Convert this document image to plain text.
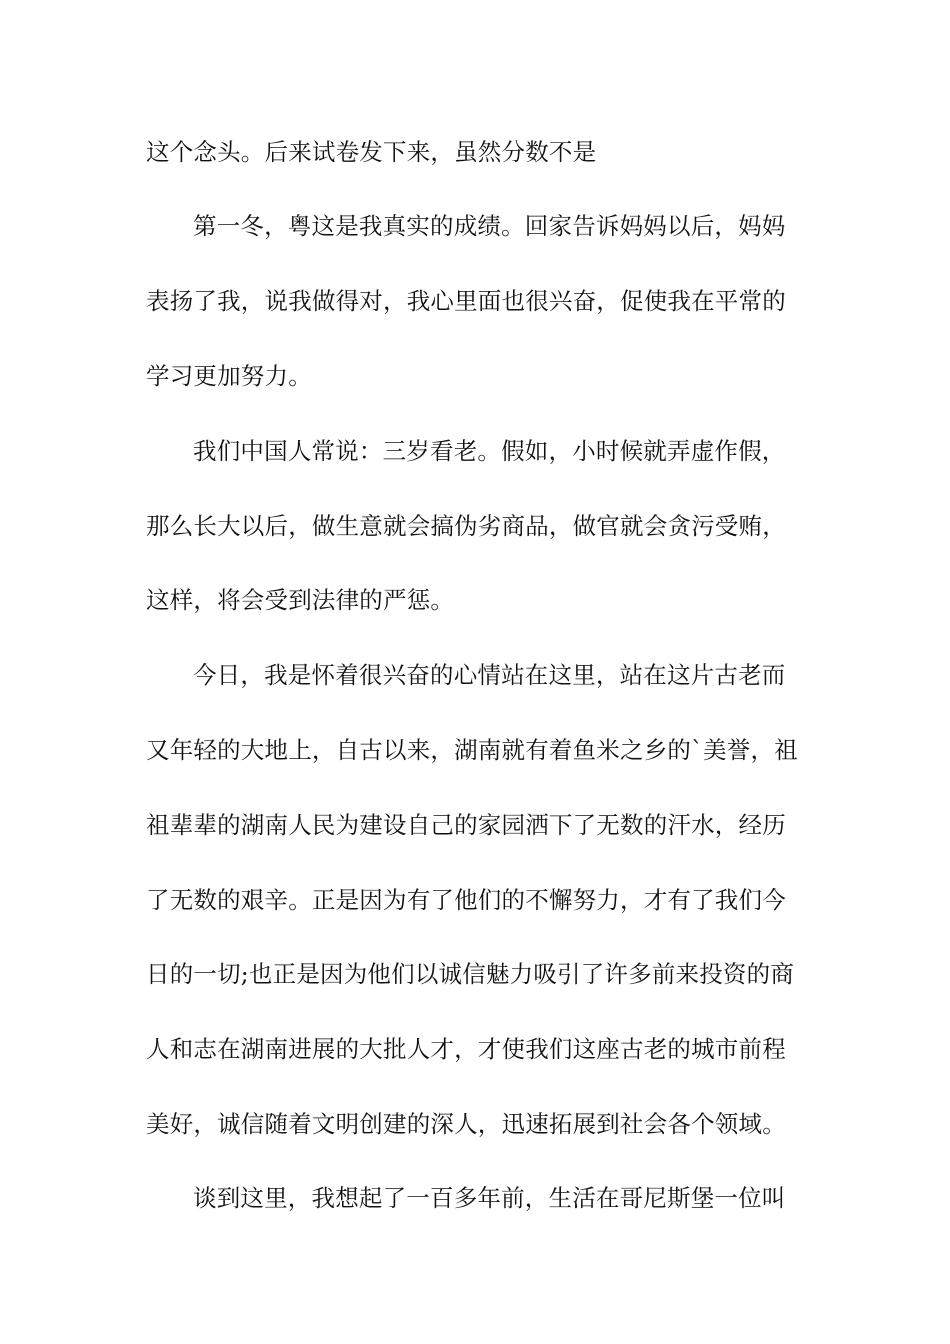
这个念头。后来试卷发下来，虽然分数不是
第一冬，粤这是我真实的成绩。回家告诉妈妈以后，妈妈
表扬了我，说我做得对，我心里面也很兴奋，促使我在平常的
学习更加努力。
我们中国人常说：三岁看老。假如，小时候就弄虚作假，
那么长大以后，做生意就会搞伪劣商品，做官就会贪污受贿，
这样，将会受到法律的严惩。
今日，我是怀着很兴奋的心情站在这里，站在这片古老而
又年轻的大地上，自古以来，湖南就有着鱼米之乡的`美誉，祖
祖辈辈的湖南人民为建设自己的家园洒下了无数的汗水，经历
了无数的艰辛。正是因为有了他们的不懈努力，才有了我们今
日的一切;也正是因为他们以诚信魅力吸引了许多前来投资的商
人和志在湖南进展的大批人才，才使我们这座古老的城市前程
美好，诚信随着文明创建的深人，迅速拓展到社会各个领域。
谈到这里，我想起了一百多年前，生活在哥尼斯堡一位叫
